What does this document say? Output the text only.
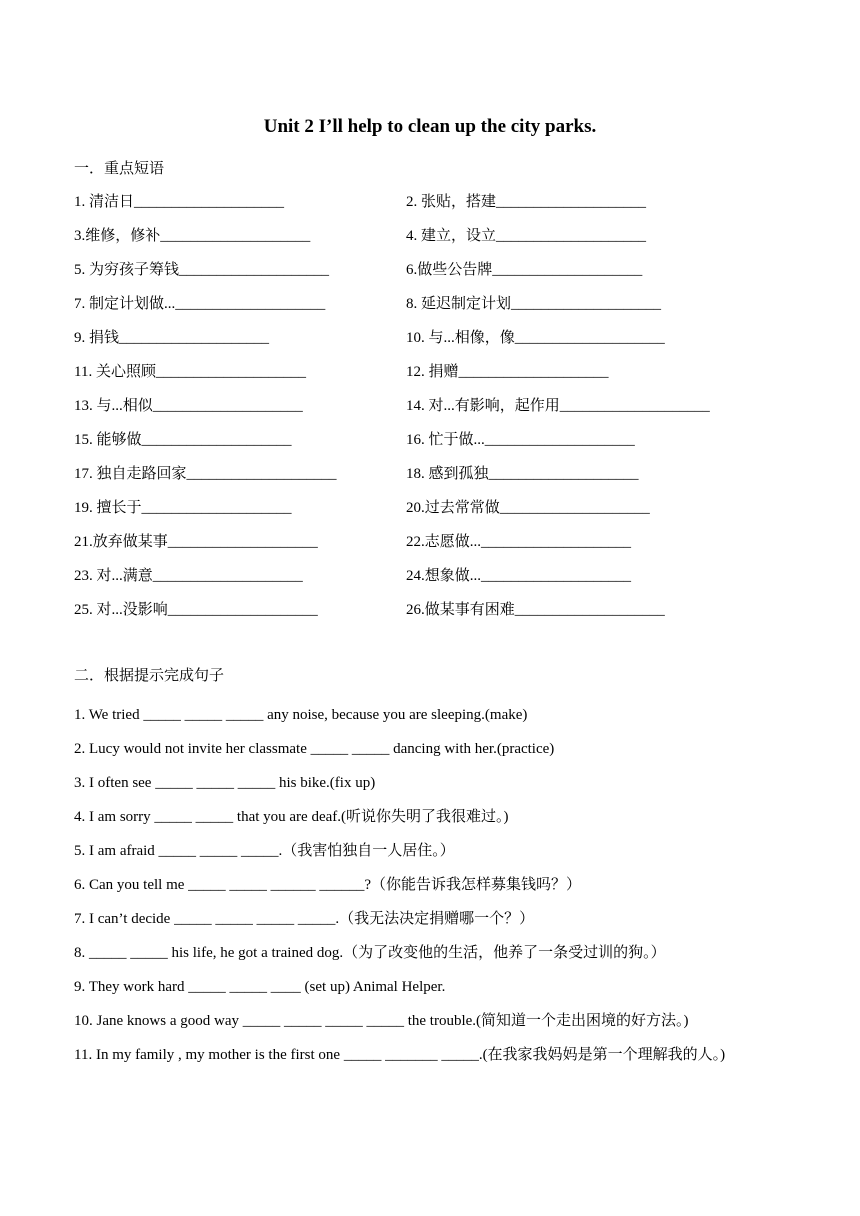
Unit 2 I’ll help to clean up the city parks.
一．重点短语
1. 清洁日____________________	2. 张贴，搭建____________________
3.维修，修补____________________	4. 建立，设立____________________
5. 为穷孩子筹钱____________________	6.做些公告牌____________________
7. 制定计划做...____________________	8. 延迟制定计划____________________
9. 捐钱____________________	10. 与...相像，像____________________
11. 关心照顾____________________	12. 捐赠____________________
13. 与...相似____________________	14. 对...有影响，起作用____________________
15. 能够做____________________	16. 忙于做...____________________
17. 独自走路回家____________________	18. 感到孤独____________________
19. 擅长于____________________	20.过去常常做____________________
21.放弃做某事____________________	22.志愿做...____________________
23. 对...满意____________________	24.想象做...____________________
25. 对...没影响____________________	26.做某事有困难____________________
二．根据提示完成句子

1. We tried _____ _____ _____ any noise, because you are sleeping.(make)

2. Lucy would not invite her classmate _____ _____ dancing with her.(practice)

3. I often see _____ _____ _____ his bike.(fix up)

4. I am sorry _____ _____ that you are deaf.(听说你失明了我很难过。)

5. I am afraid _____ _____ _____.（我害怕独自一人居住。）

6. Can you tell me _____ _____ ______ ______?（你能告诉我怎样募集钱吗？）

7. I can’t decide _____ _____ _____ _____.（我无法决定捐赠哪一个？）

8. _____ _____ his life, he got a trained dog.（为了改变他的生活，他养了一条受过训的狗。）

9. They work hard _____ _____ ____ (set up) Animal Helper.

10. Jane knows a good way _____ _____ _____ _____ the trouble.(简知道一个走出困境的好方法。)

11. In my family , my mother is the first one _____ _______ _____.(在我家我妈妈是第一个理解我的人。)
